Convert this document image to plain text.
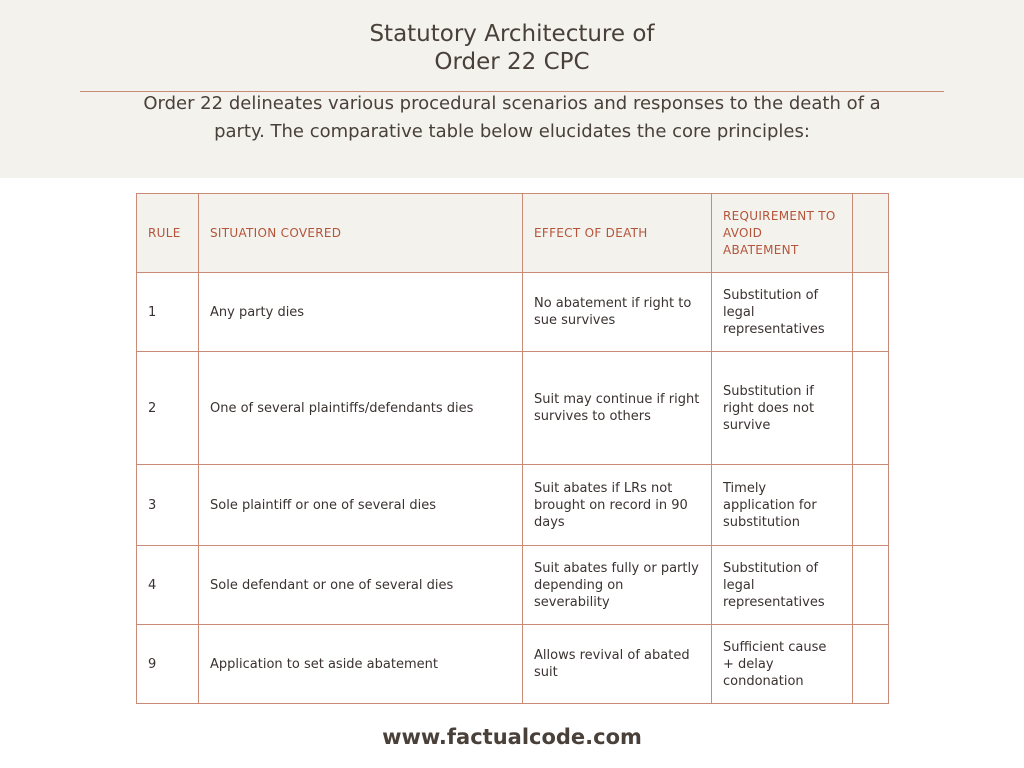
Statutory Architecture of
Order 22 CPC
Order 22 delineates various procedural scenarios and responses to the death of a
party. The comparative table below elucidates the core principles:
RULE	SITUATION COVERED	EFFECT OF DEATH	REQUIREMENT TO AVOID ABATEMENT	
1	Any party dies	No abatement if right to sue survives	Substitution of legal representatives	
2	One of several plaintiffs/defendants dies	Suit may continue if right survives to others	Substitution if right does not survive	
3	Sole plaintiff or one of several dies	Suit abates if LRs not brought on record in 90 days	Timely application for substitution	
4	Sole defendant or one of several dies	Suit abates fully or partly depending on severability	Substitution of legal representatives	
9	Application to set aside abatement	Allows revival of abated suit	Sufficient cause + delay condonation	
www.factualcode.com
